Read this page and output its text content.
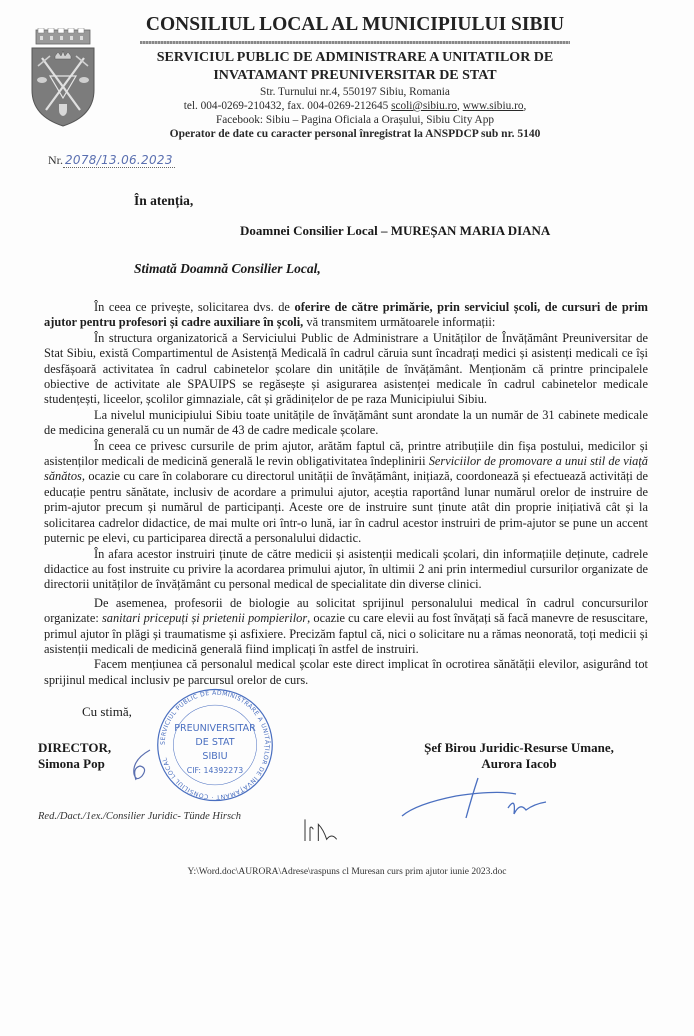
CONSILIUL LOCAL AL MUNICIPIULUI SIBIU
SERVICIUL PUBLIC DE ADMINISTRARE A UNITATILOR DE
INVATAMANT PREUNIVERSITAR DE STAT
Str. Turnului nr.4, 550197 Sibiu, Romania
tel. 004-0269-210432, fax. 004-0269-212645 scoli@sibiu.ro, www.sibiu.ro,
Facebook: Sibiu – Pagina Oficiala a Orașului, Sibiu City App
Operator de date cu caracter personal înregistrat la ANSPDCP sub nr. 5140
Nr. 2078/13.06.2023
În atenția,
Doamnei Consilier Local – MUREȘAN MARIA DIANA
Stimată Doamnă Consilier Local,

În ceea ce privește, solicitarea dvs. de oferire de către primărie, prin serviciul școli, de cursuri de prim ajutor pentru profesori și cadre auxiliare în școli, vă transmitem următoarele informații:

În structura organizatorică a Serviciului Public de Administrare a Unităților de Învățământ Preuniversitar de Stat Sibiu, există Compartimentul de Asistență Medicală în cadrul căruia sunt încadrați medici și asistenți medicali ce își desfășoară activitatea în cadrul cabinetelor școlare din unitățile de învățământ. Menționăm că printre principalele obiective de activitate ale SPAUIPS se regăsește și asigurarea asistenței medicale în cadrul cabinetelor medicale studențești, liceelor, școlilor gimnaziale, cât și grădinițelor de pe raza Municipiului Sibiu.

La nivelul municipiului Sibiu toate unitățile de învățământ sunt arondate la un număr de 31 cabinete medicale de medicina generală cu un număr de 43 de cadre medicale școlare.

În ceea ce privesc cursurile de prim ajutor, arătăm faptul că, printre atribuțiile din fișa postului, medicilor și asistenților medicali de medicină generală le revin obligativitatea îndeplinirii Serviciilor de promovare a unui stil de viață sănătos, ocazie cu care în colaborare cu directorul unității de învățământ, inițiază, coordonează și efectuează activități de educație pentru sănătate, inclusiv de acordare a primului ajutor, aceștia raportând lunar numărul orelor de instruire de prim-ajutor precum și numărul de participanți. Aceste ore de instruire sunt ținute atât din proprie inițiativă cât și la solicitarea cadrelor didactice, de mai multe ori într-o lună, iar în cadrul acestor instruiri de prim-ajutor se pune un accent puternic pe elevi, cu participarea directă a personalului didactic.

În afara acestor instruiri ținute de către medicii și asistenții medicali școlari, din informațiile deținute, cadrele didactice au fost instruite cu privire la acordarea primului ajutor, în ultimii 2 ani prin intermediul cursurilor organizate de directorii unităților de învățământ cu personal medical de specialitate din diverse clinici.

De asemenea, profesorii de biologie au solicitat sprijinul personalului medical în cadrul concursurilor organizate: sanitari pricepuți și prietenii pompierilor, ocazie cu care elevii au fost învățați să facă manevre de resuscitare, primul ajutor în plăgi și traumatisme și asfixiere. Precizăm faptul că, nici o solicitare nu a rămas neonorată, toți medicii și asistenții medicali de medicină generală fiind implicați în astfel de instruiri.

Facem mențiunea că personalul medical școlar este direct implicat în ocrotirea sănătății elevilor, asigurând tot sprijinul medical inclusiv pe parcursul orelor de curs.

Cu stimă,
DIRECTOR,
Simona Pop
Șef Birou Juridic-Resurse Umane,
Aurora Iacob
SERVICIUL PUBLIC DE ADMINISTRARE A UNITĂȚILOR DE ÎNVĂȚĂMÂNT · CONSILIUL LOCAL
PREUNIVERSITAR
DE STAT
SIBIU
CIF: 14392273
Red./Dact./1ex./Consilier Juridic- Tünde Hirsch
Y:\Word.doc\AURORA\Adrese\raspuns cl Muresan curs prim ajutor iunie 2023.doc
